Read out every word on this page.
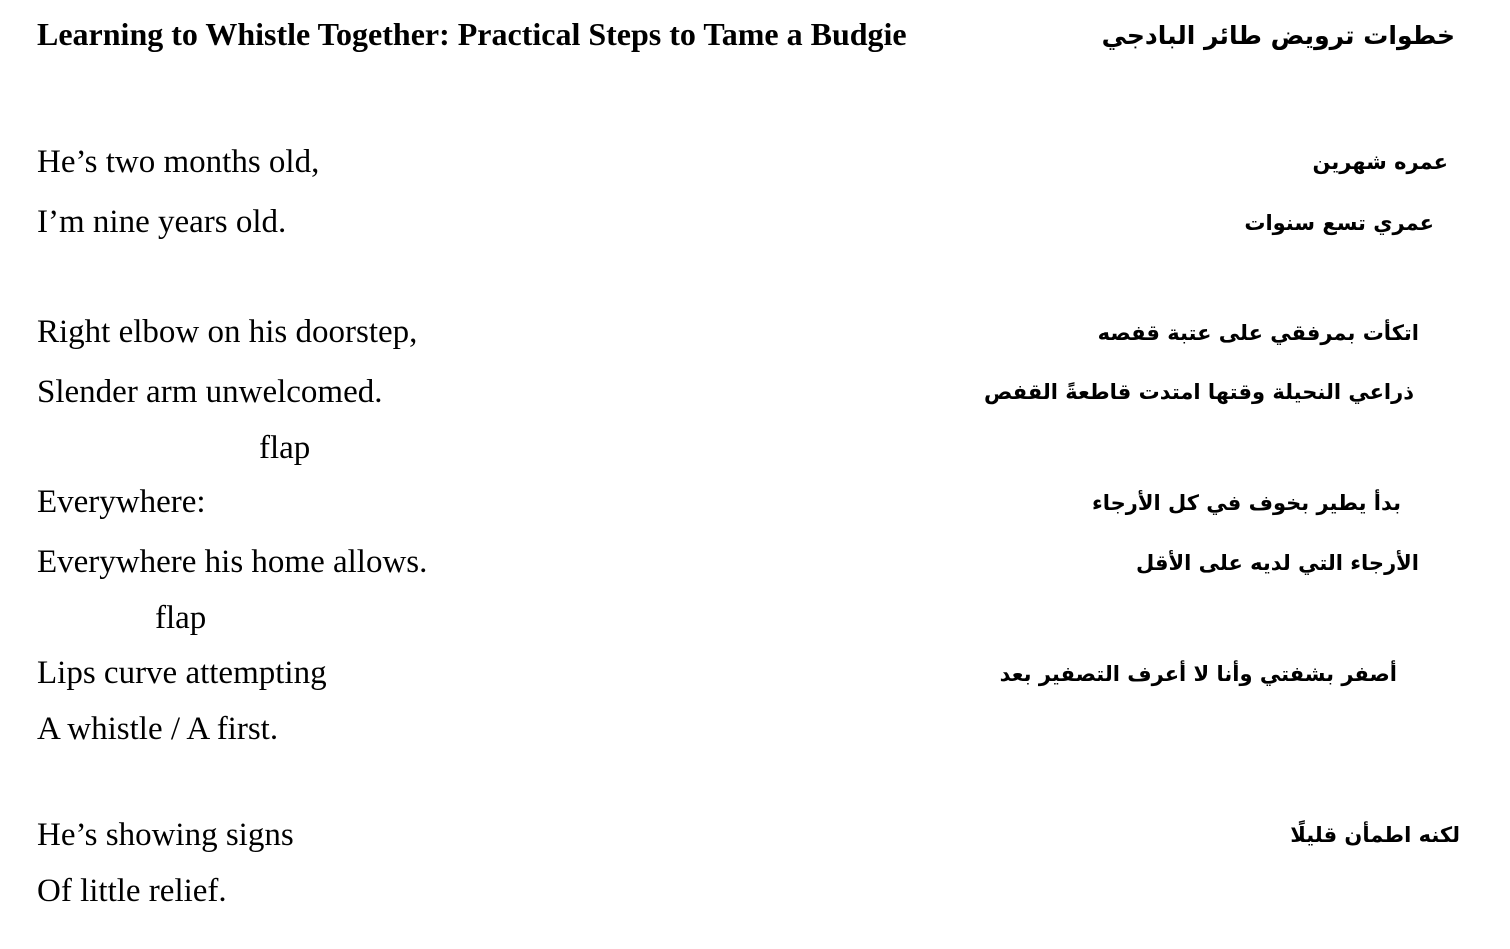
Learning to Whistle Together: Practical Steps to Tame a Budgie
He’s two months old,
I’m nine years old.
Right elbow on his doorstep,
Slender arm unwelcomed.
flap
Everywhere:
Everywhere his home allows.
flap
Lips curve attempting
A whistle / A first.
He’s showing signs
Of little relief.
خطوات ترويض طائر البادجي
عمره شهرين
عمري تسع سنوات
اتكأت بمرفقي على عتبة قفصه
ذراعي النحيلة وقتها امتدت قاطعةً القفص
بدأ يطير بخوف في كل الأرجاء
الأرجاء التي لديه على الأقل
أصفر بشفتي وأنا لا أعرف التصفير بعد
لكنه اطمأن قليلًا
